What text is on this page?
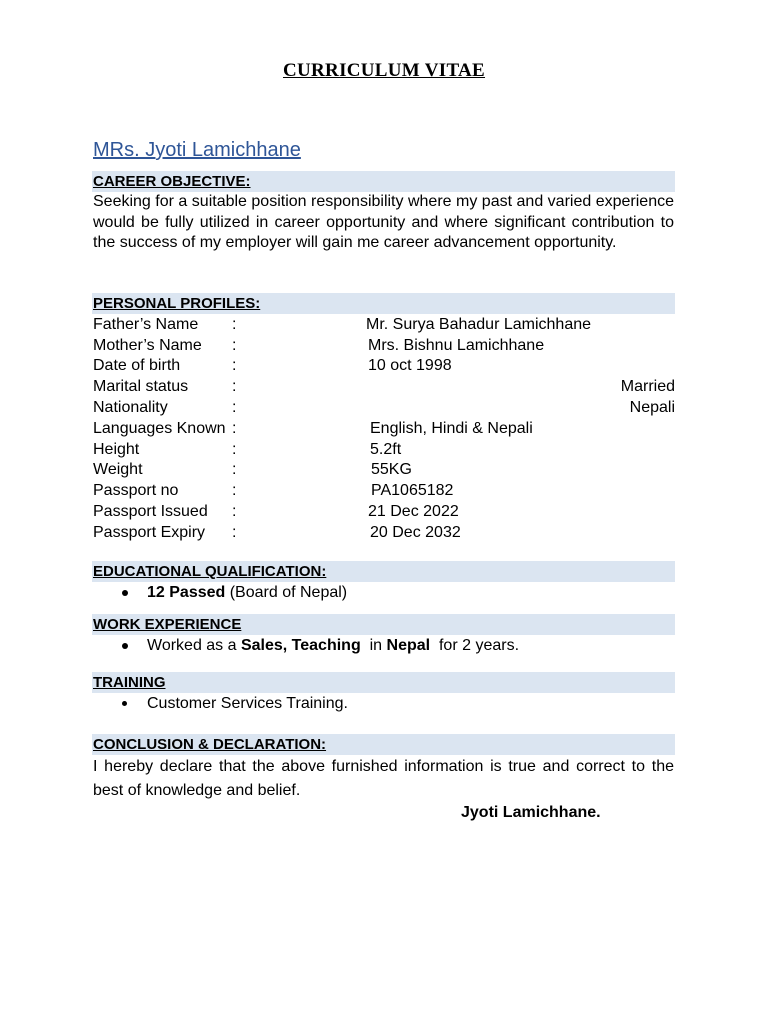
CURRICULUM VITAE
MRs. Jyoti Lamichhane
CAREER OBJECTIVE:
Seeking for a suitable position responsibility where my past and varied experience would be fully utilized in career opportunity and where significant contribution to the success of my employer will gain me career advancement opportunity.
PERSONAL PROFILES:
Father’s Name :	Mr. Surya Bahadur Lamichhane
Mother’s Name :	Mrs. Bishnu Lamichhane
Date of birth	:	10 oct 1998
Marital status	:	Married
Nationality	:	Nepali
Languages Known :	English, Hindi & Nepali
Height	:	5.2ft
Weight	:	55KG
Passport no	:	PA1065182
Passport Issued :	21 Dec 2022
Passport Expiry :	20 Dec 2032
EDUCATIONAL QUALIFICATION:
12 Passed (Board of Nepal)
WORK EXPERIENCE
Worked as a Sales, Teaching  in Nepal  for 2 years.
TRAINING
Customer Services Training.
CONCLUSION & DECLARATION:
I hereby declare that the above furnished information is true and correct to the best of knowledge and belief.
Jyoti Lamichhane.
